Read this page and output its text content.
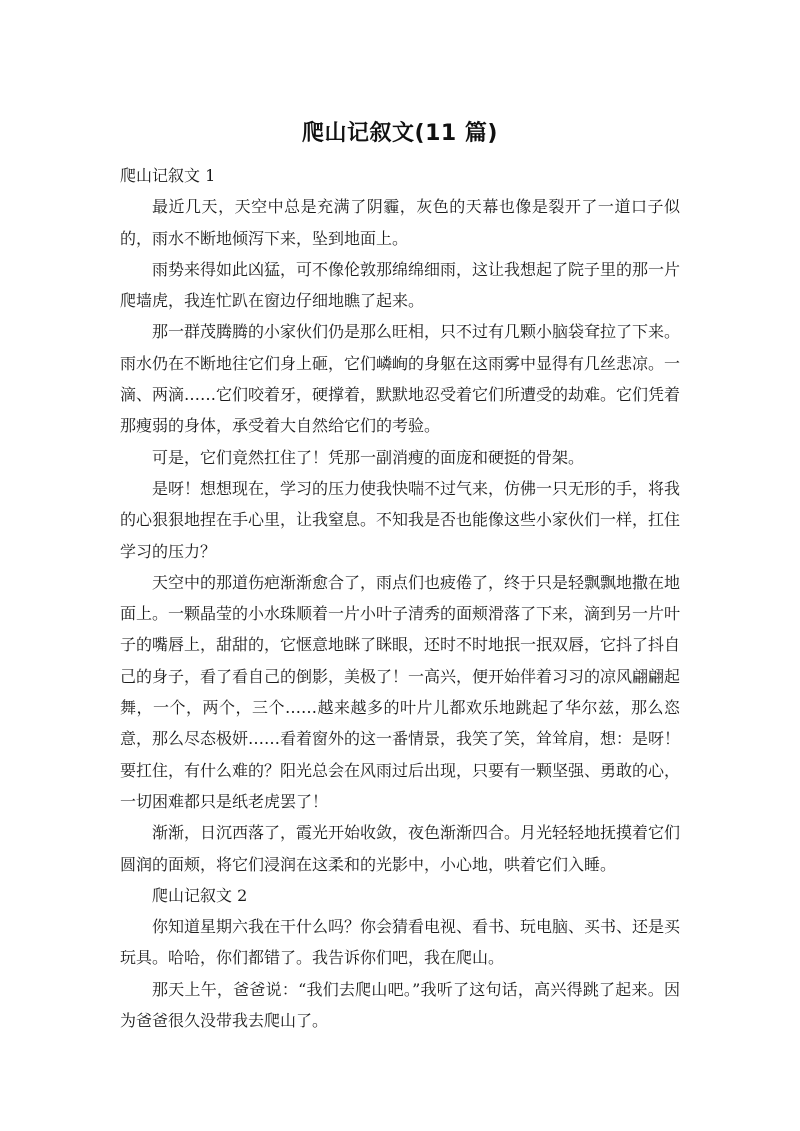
爬山记叙文(11 篇)

爬山记叙文 1

最近几天，天空中总是充满了阴霾，灰色的天幕也像是裂开了一道口子似的，雨水不断地倾泻下来，坠到地面上。

雨势来得如此凶猛，可不像伦敦那绵绵细雨，这让我想起了院子里的那一片爬墙虎，我连忙趴在窗边仔细地瞧了起来。

那一群茂腾腾的小家伙们仍是那么旺相，只不过有几颗小脑袋耷拉了下来。雨水仍在不断地往它们身上砸，它们嶙峋的身躯在这雨雾中显得有几丝悲凉。一滴、两滴……它们咬着牙，硬撑着，默默地忍受着它们所遭受的劫难。它们凭着那瘦弱的身体，承受着大自然给它们的考验。

可是，它们竟然扛住了！凭那一副消瘦的面庞和硬挺的骨架。

是呀！想想现在，学习的压力使我快喘不过气来，仿佛一只无形的手，将我的心狠狠地捏在手心里，让我窒息。不知我是否也能像这些小家伙们一样，扛住学习的压力？

天空中的那道伤疤渐渐愈合了，雨点们也疲倦了，终于只是轻飘飘地撒在地面上。一颗晶莹的小水珠顺着一片小叶子清秀的面颊滑落了下来，滴到另一片叶子的嘴唇上，甜甜的，它惬意地眯了眯眼，还时不时地抿一抿双唇，它抖了抖自己的身子，看了看自己的倒影，美极了！一高兴，便开始伴着习习的凉风翩翩起舞，一个，两个，三个……越来越多的叶片儿都欢乐地跳起了华尔兹，那么恣意，那么尽态极妍……看着窗外的这一番情景，我笑了笑，耸耸肩，想：是呀！要扛住，有什么难的？阳光总会在风雨过后出现，只要有一颗坚强、勇敢的心，一切困难都只是纸老虎罢了！

渐渐，日沉西落了，霞光开始收敛，夜色渐渐四合。月光轻轻地抚摸着它们圆润的面颊，将它们浸润在这柔和的光影中，小心地，哄着它们入睡。

爬山记叙文 2

你知道星期六我在干什么吗？你会猜看电视、看书、玩电脑、买书、还是买玩具。哈哈，你们都错了。我告诉你们吧，我在爬山。

那天上午，爸爸说：“我们去爬山吧。”我听了这句话，高兴得跳了起来。因为爸爸很久没带我去爬山了。
